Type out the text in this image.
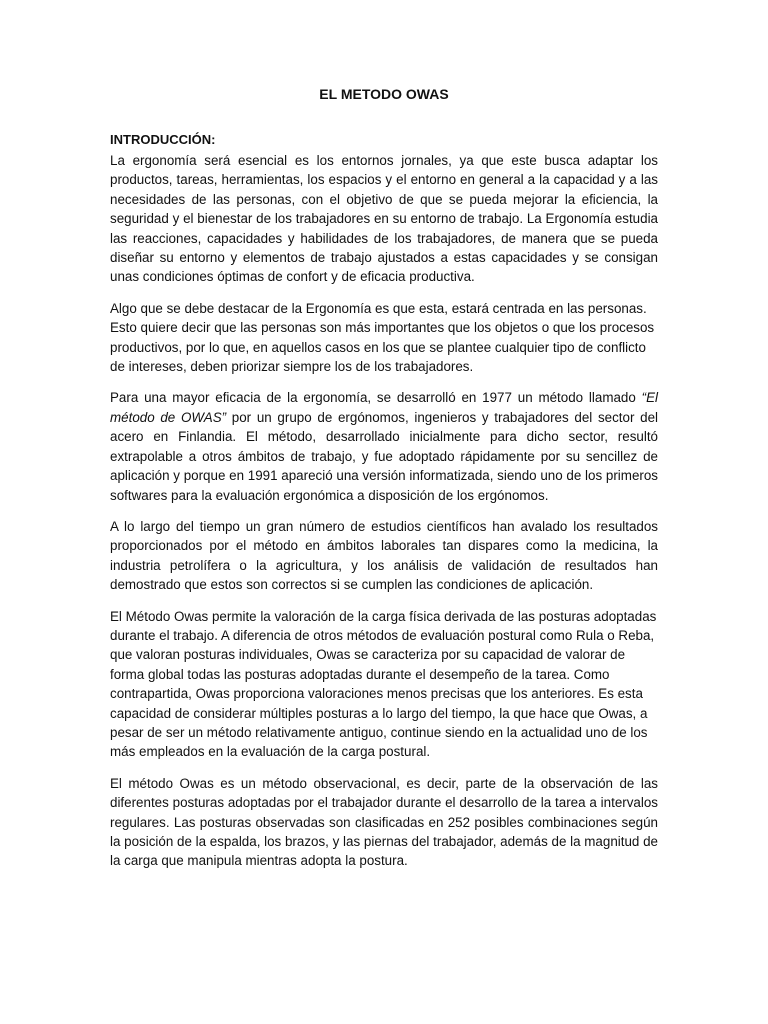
EL METODO OWAS
INTRODUCCIÓN:

La ergonomía será esencial es los entornos jornales, ya que este busca adaptar los productos, tareas, herramientas, los espacios y el entorno en general a la capacidad y a las necesidades de las personas, con el objetivo de que se pueda mejorar la eficiencia, la seguridad y el bienestar de los trabajadores en su entorno de trabajo. La Ergonomía estudia las reacciones, capacidades y habilidades de los trabajadores, de manera que se pueda diseñar su entorno y elementos de trabajo ajustados a estas capacidades y se consigan unas condiciones óptimas de confort y de eficacia productiva.

Algo que se debe destacar de la Ergonomía es que esta, estará centrada en las personas. Esto quiere decir que las personas son más importantes que los objetos o que los procesos productivos, por lo que, en aquellos casos en los que se plantee cualquier tipo de conflicto de intereses, deben priorizar siempre los de los trabajadores.

Para una mayor eficacia de la ergonomía, se desarrolló en 1977 un método llamado “El método de OWAS” por un grupo de ergónomos, ingenieros y trabajadores del sector del acero en Finlandia. El método, desarrollado inicialmente para dicho sector, resultó extrapolable a otros ámbitos de trabajo, y fue adoptado rápidamente por su sencillez de aplicación y porque en 1991 apareció una versión informatizada, siendo uno de los primeros softwares para la evaluación ergonómica a disposición de los ergónomos.

A lo largo del tiempo un gran número de estudios científicos han avalado los resultados proporcionados por el método en ámbitos laborales tan dispares como la medicina, la industria petrolífera o la agricultura, y los análisis de validación de resultados han demostrado que estos son correctos si se cumplen las condiciones de aplicación.

El Método Owas permite la valoración de la carga física derivada de las posturas adoptadas durante el trabajo. A diferencia de otros métodos de evaluación postural como Rula o Reba, que valoran posturas individuales, Owas se caracteriza por su capacidad de valorar de forma global todas las posturas adoptadas durante el desempeño de la tarea. Como contrapartida, Owas proporciona valoraciones menos precisas que los anteriores. Es esta capacidad de considerar múltiples posturas a lo largo del tiempo, la que hace que Owas, a pesar de ser un método relativamente antiguo, continue siendo en la actualidad uno de los más empleados en la evaluación de la carga postural.

El método Owas es un método observacional, es decir, parte de la observación de las diferentes posturas adoptadas por el trabajador durante el desarrollo de la tarea a intervalos regulares. Las posturas observadas son clasificadas en 252 posibles combinaciones según la posición de la espalda, los brazos, y las piernas del trabajador, además de la magnitud de la carga que manipula mientras adopta la postura.
